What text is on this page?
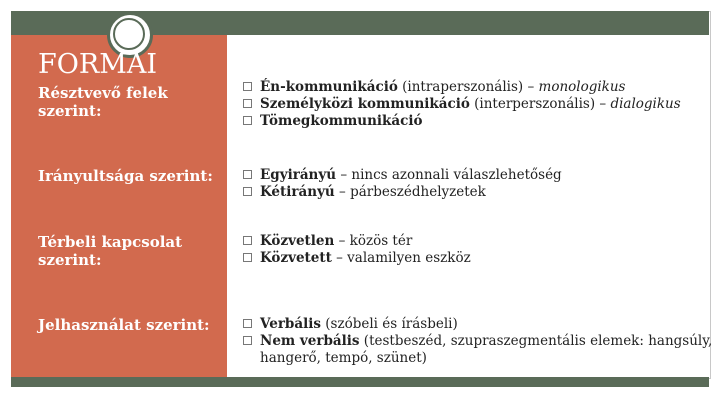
FORMÁI
Résztvevő felek szerint:
Én-kommunikáció (intraperszonális) – monologikus
Személyközi kommunikáció (interperszonális) – dialogikus
Tömegkommunikáció
Irányultsága szerint:	Egyirányú – nincs azonnali válaszlehetőség
Kétirányú – párbeszédhelyzetek
Térbeli kapcsolat szerint:
Közvetlen – közös tér
Közvetett – valamilyen eszköz
Jelhasználat szerint:	Verbális (szóbeli és írásbeli)
Nem verbális (testbeszéd, szupraszegmentális elemek: hangsúly,
hangerő, tempó, szünet)
